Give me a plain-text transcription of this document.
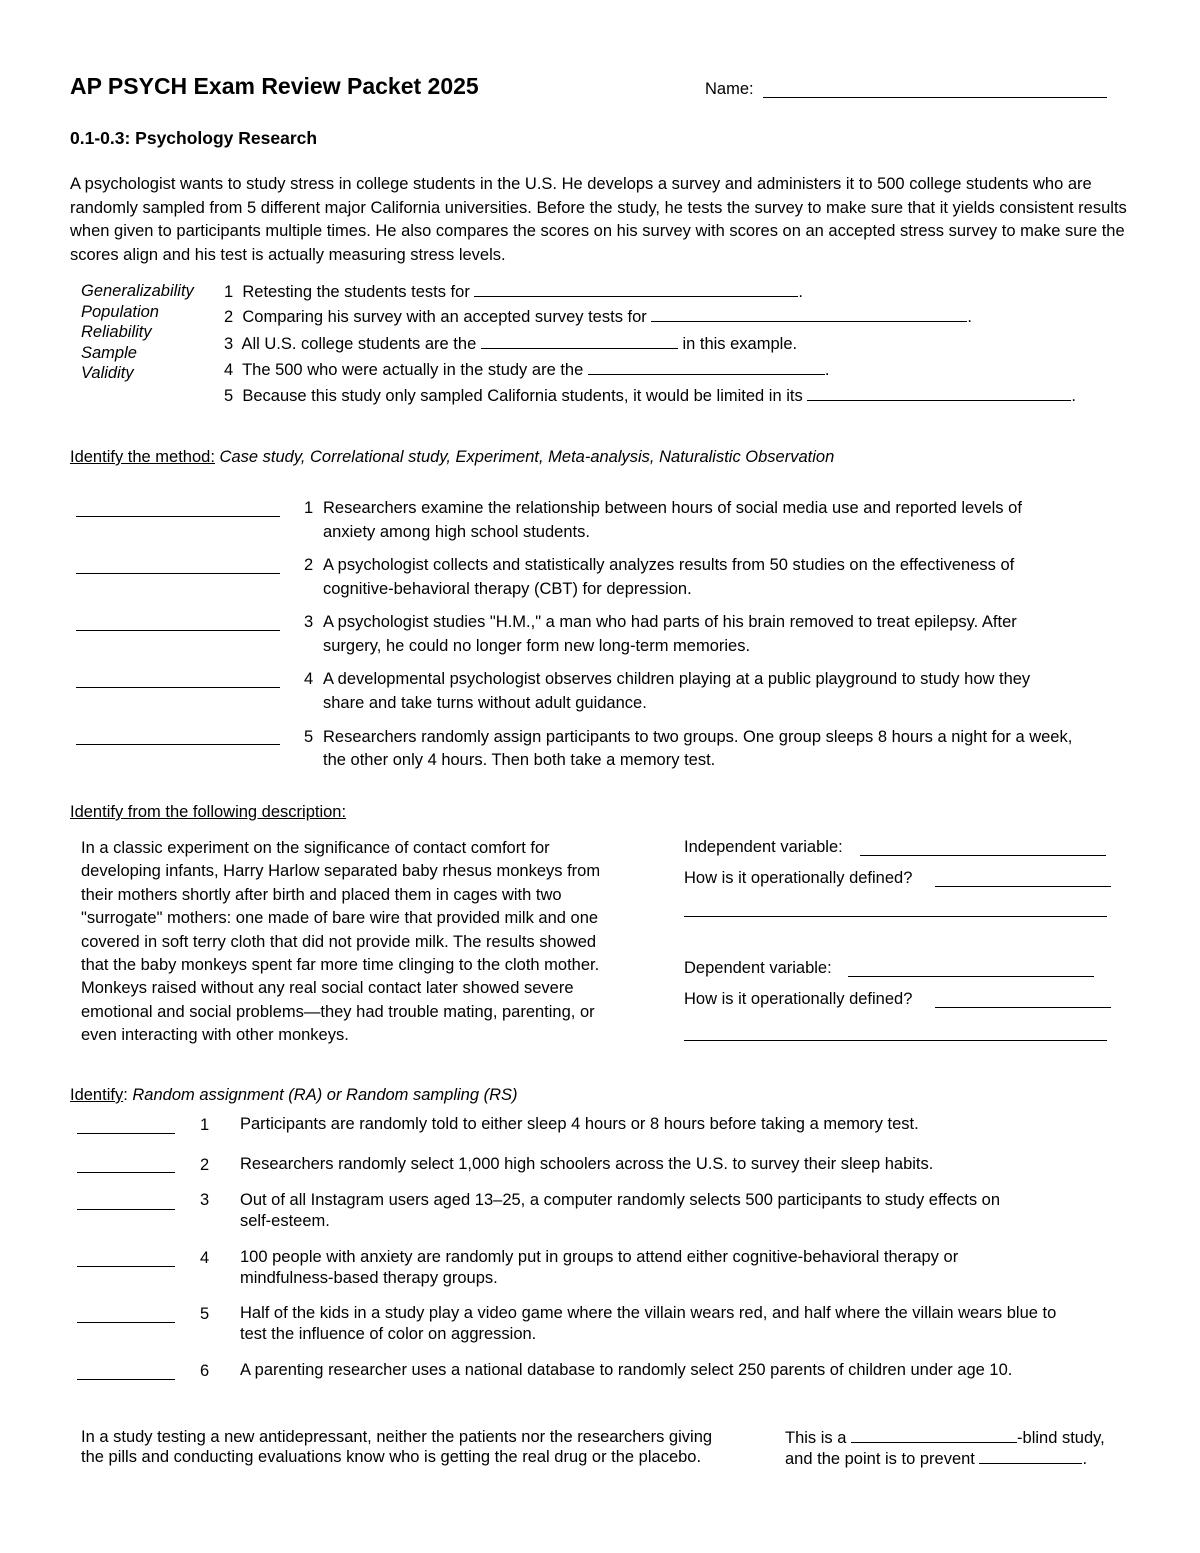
AP PSYCH Exam Review Packet 2025	Name:
0.1-0.3: Psychology Research
A psychologist wants to study stress in college students in the U.S. He develops a survey and administers it to 500 college students who are randomly sampled from 5 different major California universities. Before the study, he tests the survey to make sure that it yields consistent results when given to participants multiple times. He also compares the scores on his survey with scores on an accepted stress survey to make sure the scores align and his test is actually measuring stress levels.
Generalizability
Population
Reliability
Sample
Validity
1 Retesting the students tests for	.
2 Comparing his survey with an accepted survey tests for	.
3 All U.S. college students are the	in this example.
4 The 500 who were actually in the study are the	.
5 Because this study only sampled California students, it would be limited in its	.
Identify the method: Case study, Correlational study, Experiment, Meta-analysis, Naturalistic Observation
1 Researchers examine the relationship between hours of social media use and reported levels of
anxiety among high school students.
2 A psychologist collects and statistically analyzes results from 50 studies on the effectiveness of
cognitive-behavioral therapy (CBT) for depression.
3 A psychologist studies "H.M.," a man who had parts of his brain removed to treat epilepsy. After
surgery, he could no longer form new long-term memories.
4 A developmental psychologist observes children playing at a public playground to study how they
share and take turns without adult guidance.
5 Researchers randomly assign participants to two groups. One group sleeps 8 hours a night for a week,
the other only 4 hours. Then both take a memory test.
Identify from the following description:
In a classic experiment on the significance of contact comfort for
developing infants, Harry Harlow separated baby rhesus monkeys from
their mothers shortly after birth and placed them in cages with two
"surrogate" mothers: one made of bare wire that provided milk and one
covered in soft terry cloth that did not provide milk. The results showed
that the baby monkeys spent far more time clinging to the cloth mother.
Monkeys raised without any real social contact later showed severe
emotional and social problems—they had trouble mating, parenting, or
even interacting with other monkeys.
Independent variable:
How is it operationally defined?
Dependent variable:
How is it operationally defined?
Identify: Random assignment (RA) or Random sampling (RS)
1 Participants are randomly told to either sleep 4 hours or 8 hours before taking a memory test.
2 Researchers randomly select 1,000 high schoolers across the U.S. to survey their sleep habits.
3 Out of all Instagram users aged 13–25, a computer randomly selects 500 participants to study effects on
self-esteem.
4 100 people with anxiety are randomly put in groups to attend either cognitive-behavioral therapy or
mindfulness-based therapy groups.
5 Half of the kids in a study play a video game where the villain wears red, and half where the villain wears blue to
test the influence of color on aggression.
6 A parenting researcher uses a national database to randomly select 250 parents of children under age 10.
In a study testing a new antidepressant, neither the patients nor the researchers giving
the pills and conducting evaluations know who is getting the real drug or the placebo.
This is a	-blind study,
and the point is to prevent	.
